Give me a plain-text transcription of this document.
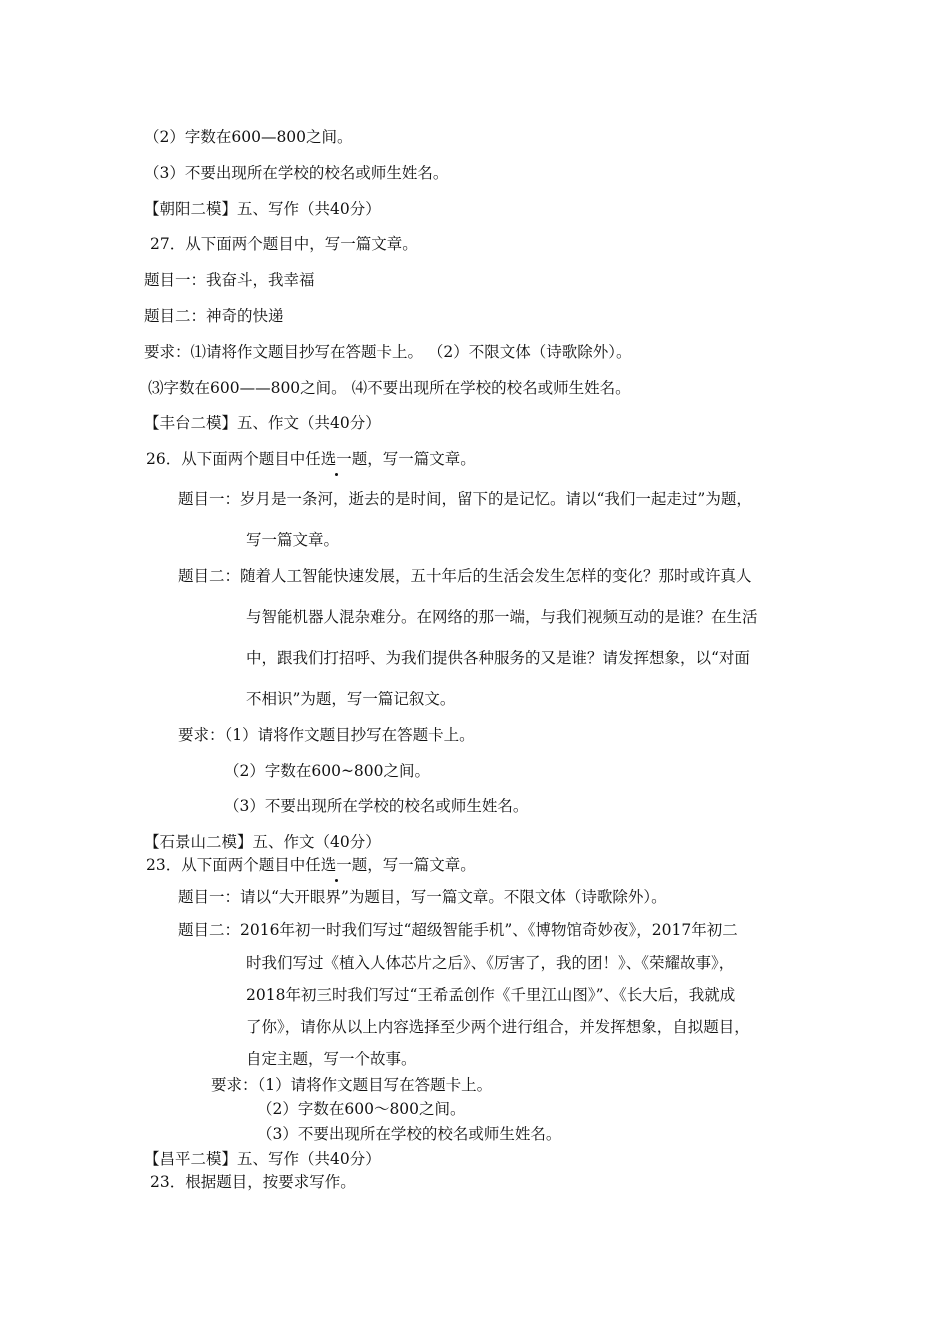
（2）字数在600—800之间。
（3）不要出现所在学校的校名或师生姓名。
【朝阳二模】五、写作（共40分）
27．从下面两个题目中，写一篇文章。
题目一：我奋斗，我幸福
题目二：神奇的快递
要求：⑴请将作文题目抄写在答题卡上。 （2）不限文体（诗歌除外）。
⑶字数在600——800之间。 ⑷不要出现所在学校的校名或师生姓名。
【丰台二模】五、作文（共40分）
26．从下面两个题目中任选一题，写一篇文章。
题目一：岁月是一条河，逝去的是时间，留下的是记忆。请以“我们一起走过”为题，
写一篇文章。
题目二：随着人工智能快速发展，五十年后的生活会发生怎样的变化？那时或许真人
与智能机器人混杂难分。在网络的那一端，与我们视频互动的是谁？在生活
中，跟我们打招呼、为我们提供各种服务的又是谁？请发挥想象，以“对面
不相识”为题，写一篇记叙文。
要求：（1）请将作文题目抄写在答题卡上。
（2）字数在600~800之间。
（3）不要出现所在学校的校名或师生姓名。
【石景山二模】五、作文（40分）
23．从下面两个题目中任选一题，写一篇文章。
题目一：请以“大开眼界”为题目，写一篇文章。不限文体（诗歌除外）。
题目二：2016年初一时我们写过“超级智能手机”、《博物馆奇妙夜》，2017年初二
时我们写过《植入人体芯片之后》、《厉害了，我的团！》、《荣耀故事》，
2018年初三时我们写过“王希孟创作《千里江山图》”、《长大后，我就成
了你》，请你从以上内容选择至少两个进行组合，并发挥想象，自拟题目，
自定主题，写一个故事。
要求：（1）请将作文题目写在答题卡上。
（2）字数在600～800之间。
（3）不要出现所在学校的校名或师生姓名。
【昌平二模】五、写作（共40分）
23．根据题目，按要求写作。
